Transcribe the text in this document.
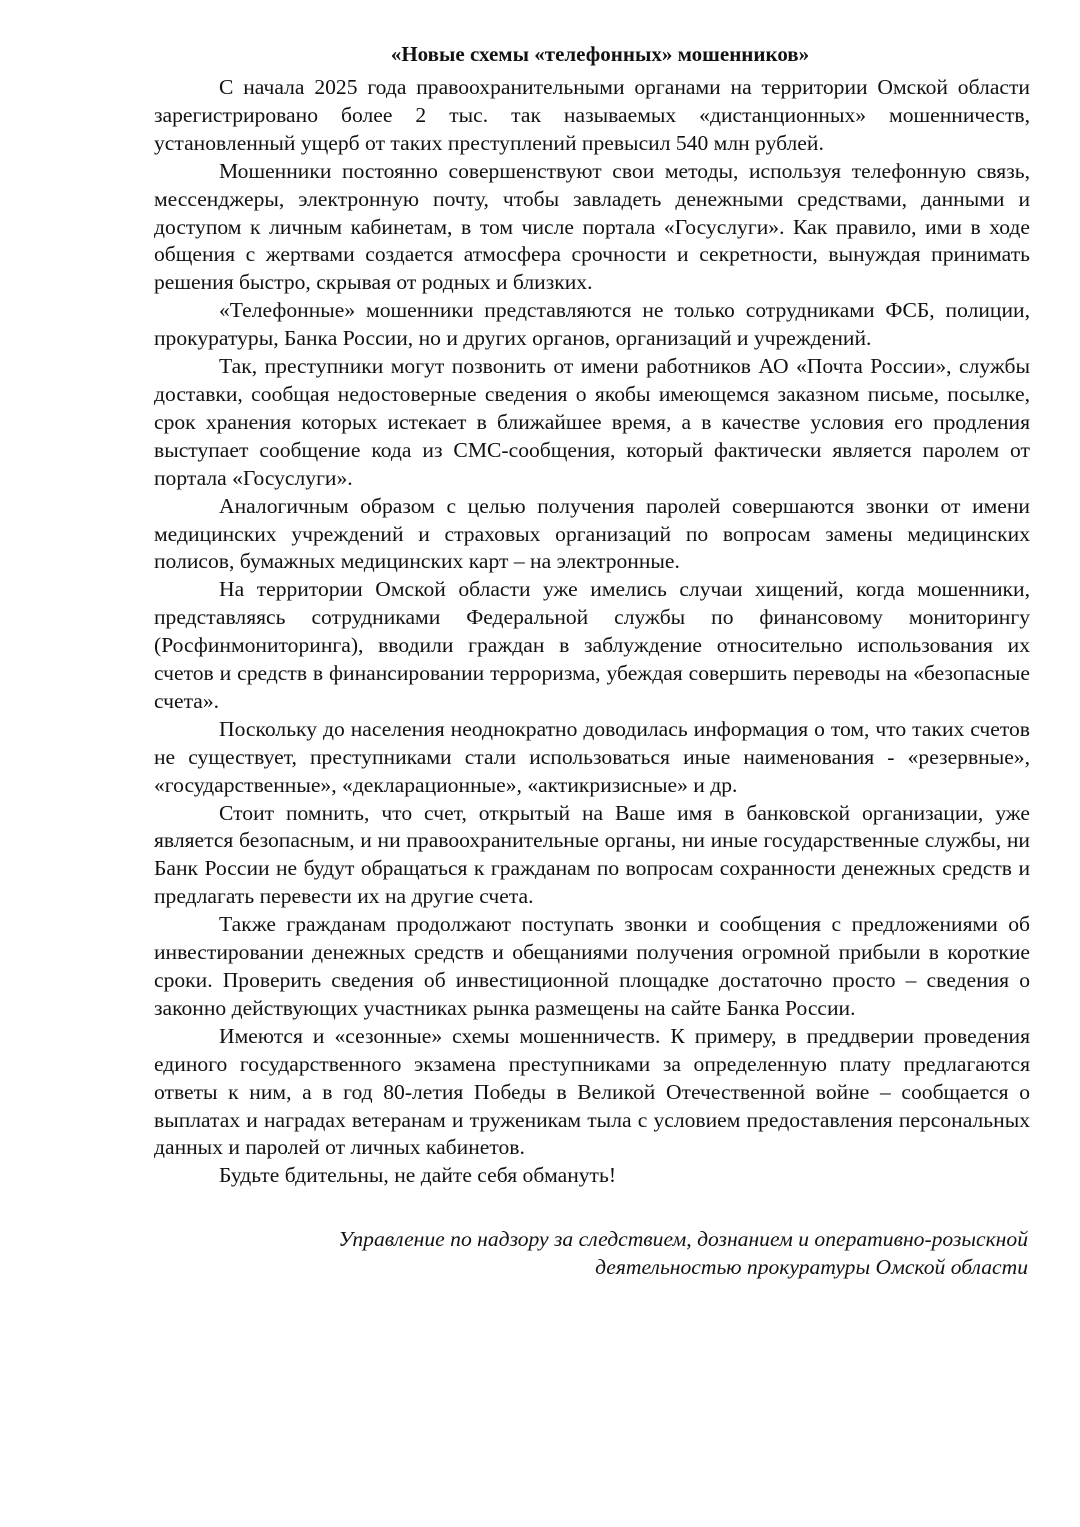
«Новые схемы «телефонных» мошенников»

С начала 2025 года правоохранительными органами на территории Омской области зарегистрировано более 2 тыс. так называемых «дистанционных» мошенничеств, установленный ущерб от таких преступлений превысил 540 млн рублей.

Мошенники постоянно совершенствуют свои методы, используя телефонную связь, мессенджеры, электронную почту, чтобы завладеть денежными средствами, данными и доступом к личным кабинетам, в том числе портала «Госуслуги». Как правило, ими в ходе общения с жертвами создается атмосфера срочности и секретности, вынуждая принимать решения быстро, скрывая от родных и близких.

«Телефонные» мошенники представляются не только сотрудниками ФСБ, полиции, прокуратуры, Банка России, но и других органов, организаций и учреждений.

Так, преступники могут позвонить от имени работников АО «Почта России», службы доставки, сообщая недостоверные сведения о якобы имеющемся заказном письме, посылке, срок хранения которых истекает в ближайшее время, а в качестве условия его продления выступает сообщение кода из СМС-сообщения, который фактически является паролем от портала «Госуслуги».

Аналогичным образом с целью получения паролей совершаются звонки от имени медицинских учреждений и страховых организаций по вопросам замены медицинских полисов, бумажных медицинских карт – на электронные.

На территории Омской области уже имелись случаи хищений, когда мошенники, представляясь сотрудниками Федеральной службы по финансовому мониторингу (Росфинмониторинга), вводили граждан в заблуждение относительно использования их счетов и средств в финансировании терроризма, убеждая совершить переводы на «безопасные счета».

Поскольку до населения неоднократно доводилась информация о том, что таких счетов не существует, преступниками стали использоваться иные наименования - «резервные», «государственные», «декларационные», «актикризисные» и др.

Стоит помнить, что счет, открытый на Ваше имя в банковской организации, уже является безопасным, и ни правоохранительные органы, ни иные государственные службы, ни Банк России не будут обращаться к гражданам по вопросам сохранности денежных средств и предлагать перевести их на другие счета.

Также гражданам продолжают поступать звонки и сообщения с предложениями об инвестировании денежных средств и обещаниями получения огромной прибыли в короткие сроки. Проверить сведения об инвестиционной площадке достаточно просто – сведения о законно действующих участниках рынка размещены на сайте Банка России.

Имеются и «сезонные» схемы мошенничеств. К примеру, в преддверии проведения единого государственного экзамена преступниками за определенную плату предлагаются ответы к ним, а в год 80-летия Победы в Великой Отечественной войне – сообщается о выплатах и наградах ветеранам и труженикам тыла с условием предоставления персональных данных и паролей от личных кабинетов.

Будьте бдительны, не дайте себя обмануть!

Управление по надзору за следствием, дознанием и оперативно-розыскной
деятельностью прокуратуры Омской области
